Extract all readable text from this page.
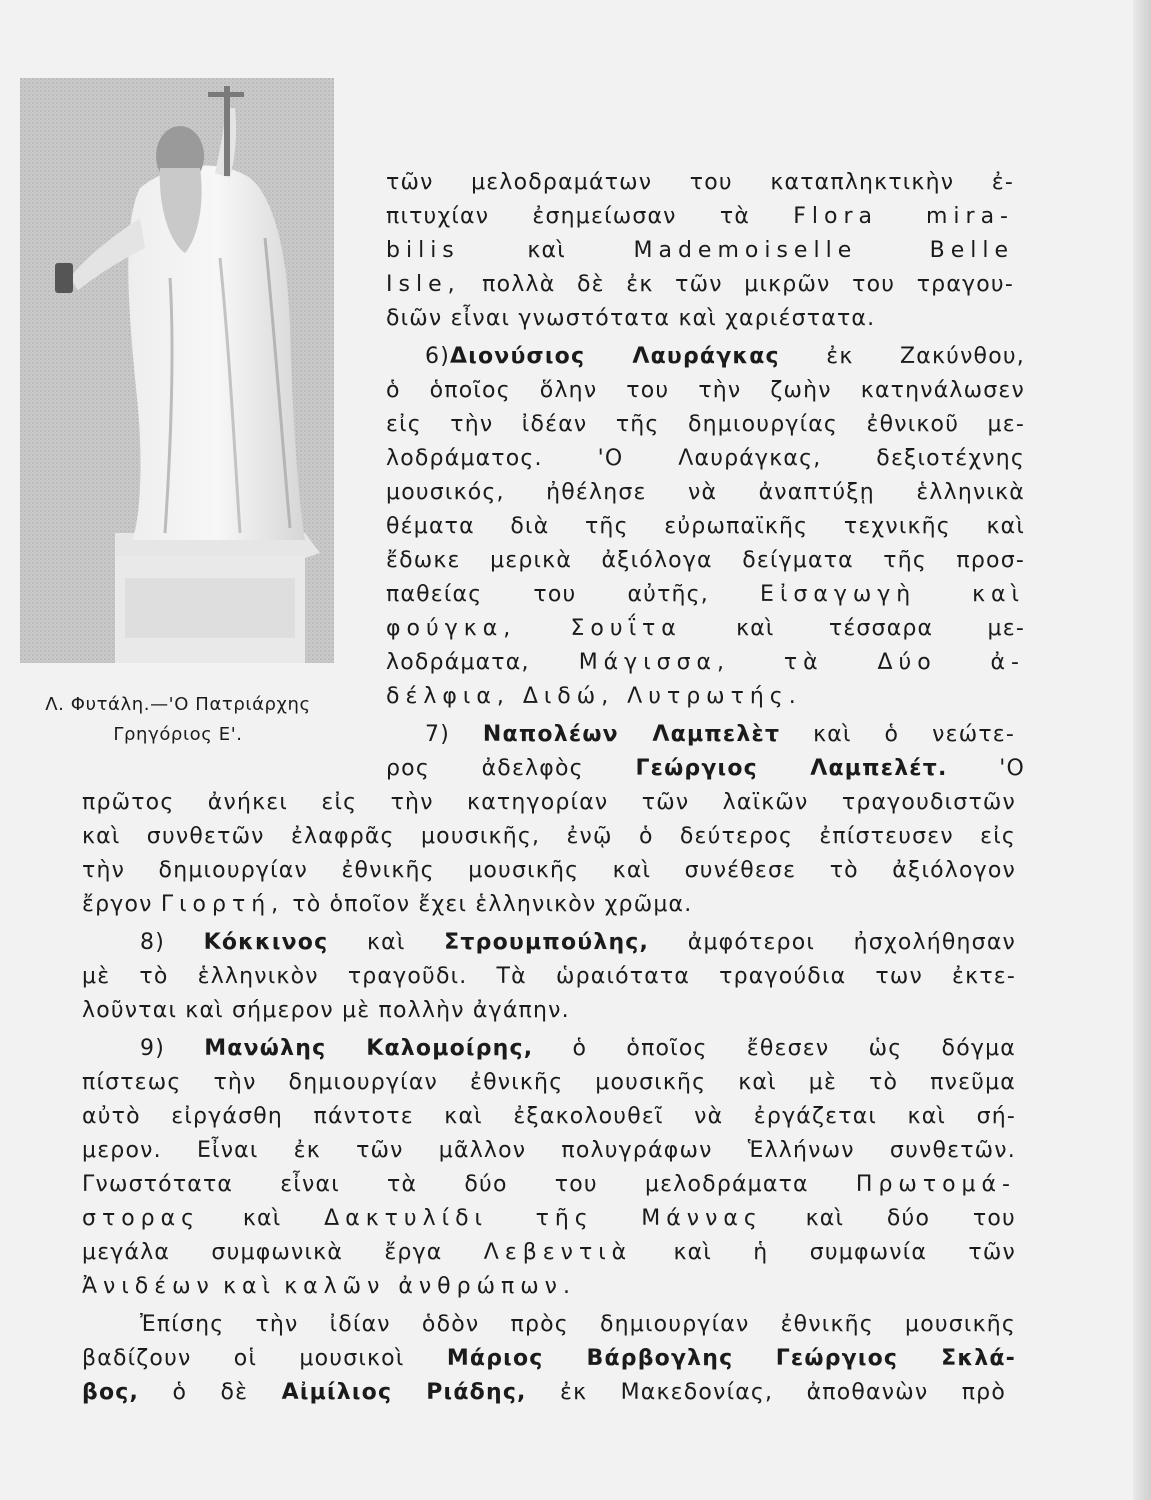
Λ. Φυτάλη.—'Ο Πατριάρχης
Γρηγόριος Ε'.
τῶν μελοδραμάτων του καταπληκτικὴν ἐ-
πιτυχίαν ἐσημείωσαν τὰ Flora mira-
bilis	καὶ	Mademoiselle Belle
Isle, πολλὰ δὲ ἐκ τῶν μικρῶν του τραγου-
διῶν εἶναι γνωστότατα καὶ χαριέστατα.
6)Διονύσιος Λαυράγκας ἐκ Ζακύνθου,
ὁ ὁποῖος ὅλην του τὴν ζωὴν κατηνάλωσεν
εἰς τὴν ἰδέαν τῆς δημιουργίας ἐθνικοῦ με-
λοδράματος. 'Ο Λαυράγκας, δεξιοτέχνης
μουσικός, ἠθέλησε νὰ ἀναπτύξῃ ἑλληνικὰ
θέματα διὰ τῆς εὐρωπαϊκῆς τεχνικῆς καὶ
ἔδωκε μερικὰ ἀξιόλογα δείγματα τῆς προσ-
παθείας του αὐτῆς, Εἰσαγωγὴ καὶ
φούγκα, Σουΐτα καὶ τέσσαρα με-
λοδράματα, Μάγισσα, τὰ Δύο ἀ-
δέλφια, Διδώ, Λυτρωτής.
7) Ναπολέων Λαμπελὲτ καὶ ὁ νεώτε-
ρος ἀδελφὸς Γεώργιος Λαμπελέτ. 'Ο
πρῶτος ἀνήκει εἰς τὴν κατηγορίαν τῶν λαϊκῶν τραγουδιστῶν
καὶ συνθετῶν ἐλαφρᾶς μουσικῆς, ἐνῷ ὁ δεύτερος ἐπίστευσεν εἰς
τὴν δημιουργίαν ἐθνικῆς μουσικῆς καὶ συνέθεσε τὸ ἀξιόλογον
ἔργον Γιορτή, τὸ ὁποῖον ἔχει ἑλληνικὸν χρῶμα.
8) Κόκκινος καὶ Στρουμπούλης, ἀμφότεροι ἠσχολήθησαν
μὲ τὸ ἑλληνικὸν τραγοῦδι. Τὰ ὡραιότατα τραγούδια των ἐκτε-
λοῦνται καὶ σήμερον μὲ πολλὴν ἀγάπην.
9) Μανώλης Καλομοίρης, ὁ ὁποῖος ἔθεσεν ὡς δόγμα
πίστεως τὴν δημιουργίαν ἐθνικῆς μουσικῆς καὶ μὲ τὸ πνεῦμα
αὐτὸ εἰργάσθη πάντοτε καὶ ἐξακολουθεῖ νὰ ἐργάζεται καὶ σή-
μερον. Εἶναι ἐκ τῶν μᾶλλον πολυγράφων Ἑλλήνων συνθετῶν.
Γνωστότατα εἶναι τὰ δύο του μελοδράματα Πρωτομά-
στορας καὶ Δακτυλίδι τῆς Μάννας καὶ δύο του
μεγάλα συμφωνικὰ ἔργα Λεβεντιὰ καὶ ἡ συμφωνία τῶν
Ἀνιδέων καὶ καλῶν ἀνθρώπων.
Ἐπίσης τὴν ἰδίαν ὁδὸν πρὸς δημιουργίαν ἐθνικῆς μουσικῆς
βαδίζουν οἱ μουσικοὶ Μάριος Βάρβογλης Γεώργιος Σκλά-
βος, ὁ δὲ Αἰμίλιος Ριάδης, ἐκ Μακεδονίας, ἀποθανὼν πρὸ
